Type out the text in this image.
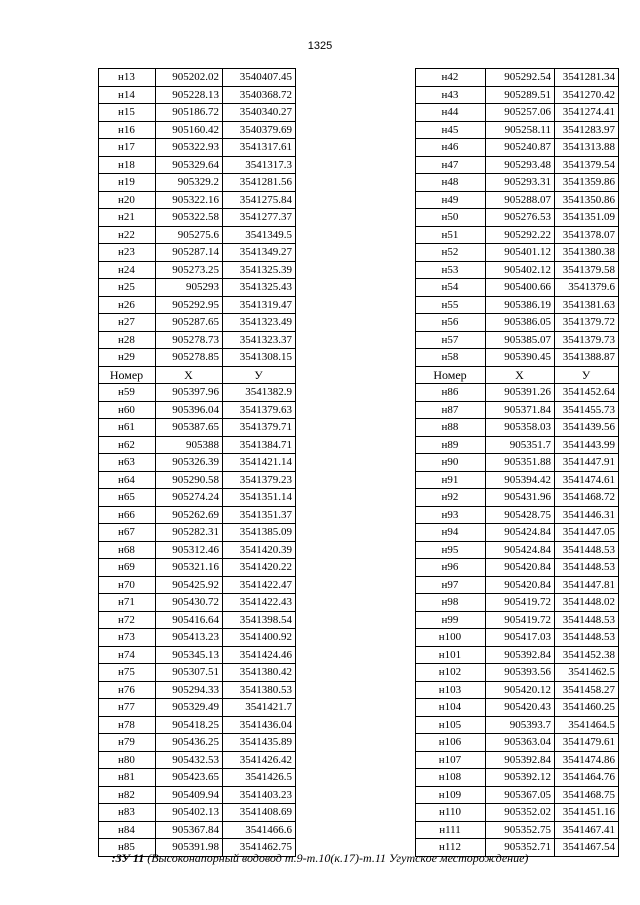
1325
н13	905202.02	3540407.45
н14	905228.13	3540368.72
н15	905186.72	3540340.27
н16	905160.42	3540379.69
н17	905322.93	3541317.61
н18	905329.64	3541317.3
н19	905329.2	3541281.56
н20	905322.16	3541275.84
н21	905322.58	3541277.37
н22	905275.6	3541349.5
н23	905287.14	3541349.27
н24	905273.25	3541325.39
н25	905293	3541325.43
н26	905292.95	3541319.47
н27	905287.65	3541323.49
н28	905278.73	3541323.37
н29	905278.85	3541308.15
Номер	X	У
н59	905397.96	3541382.9
н60	905396.04	3541379.63
н61	905387.65	3541379.71
н62	905388	3541384.71
н63	905326.39	3541421.14
н64	905290.58	3541379.23
н65	905274.24	3541351.14
н66	905262.69	3541351.37
н67	905282.31	3541385.09
н68	905312.46	3541420.39
н69	905321.16	3541420.22
н70	905425.92	3541422.47
н71	905430.72	3541422.43
н72	905416.64	3541398.54
н73	905413.23	3541400.92
н74	905345.13	3541424.46
н75	905307.51	3541380.42
н76	905294.33	3541380.53
н77	905329.49	3541421.7
н78	905418.25	3541436.04
н79	905436.25	3541435.89
н80	905432.53	3541426.42
н81	905423.65	3541426.5
н82	905409.94	3541403.23
н83	905402.13	3541408.69
н84	905367.84	3541466.6
н85	905391.98	3541462.75
н42	905292.54	3541281.34
н43	905289.51	3541270.42
н44	905257.06	3541274.41
н45	905258.11	3541283.97
н46	905240.87	3541313.88
н47	905293.48	3541379.54
н48	905293.31	3541359.86
н49	905288.07	3541350.86
н50	905276.53	3541351.09
н51	905292.22	3541378.07
н52	905401.12	3541380.38
н53	905402.12	3541379.58
н54	905400.66	3541379.6
н55	905386.19	3541381.63
н56	905386.05	3541379.72
н57	905385.07	3541379.73
н58	905390.45	3541388.87
Номер	X	У
н86	905391.26	3541452.64
н87	905371.84	3541455.73
н88	905358.03	3541439.56
н89	905351.7	3541443.99
н90	905351.88	3541447.91
н91	905394.42	3541474.61
н92	905431.96	3541468.72
н93	905428.75	3541446.31
н94	905424.84	3541447.05
н95	905424.84	3541448.53
н96	905420.84	3541448.53
н97	905420.84	3541447.81
н98	905419.72	3541448.02
н99	905419.72	3541448.53
н100	905417.03	3541448.53
н101	905392.84	3541452.38
н102	905393.56	3541462.5
н103	905420.12	3541458.27
н104	905420.43	3541460.25
н105	905393.7	3541464.5
н106	905363.04	3541479.61
н107	905392.84	3541474.86
н108	905392.12	3541464.76
н109	905367.05	3541468.75
н110	905352.02	3541451.16
н111	905352.75	3541467.41
н112	905352.71	3541467.54
:ЗУ 11 (Высоконапорный водовод т.9-т.10(к.17)-т.11 Угутское месторождение)
